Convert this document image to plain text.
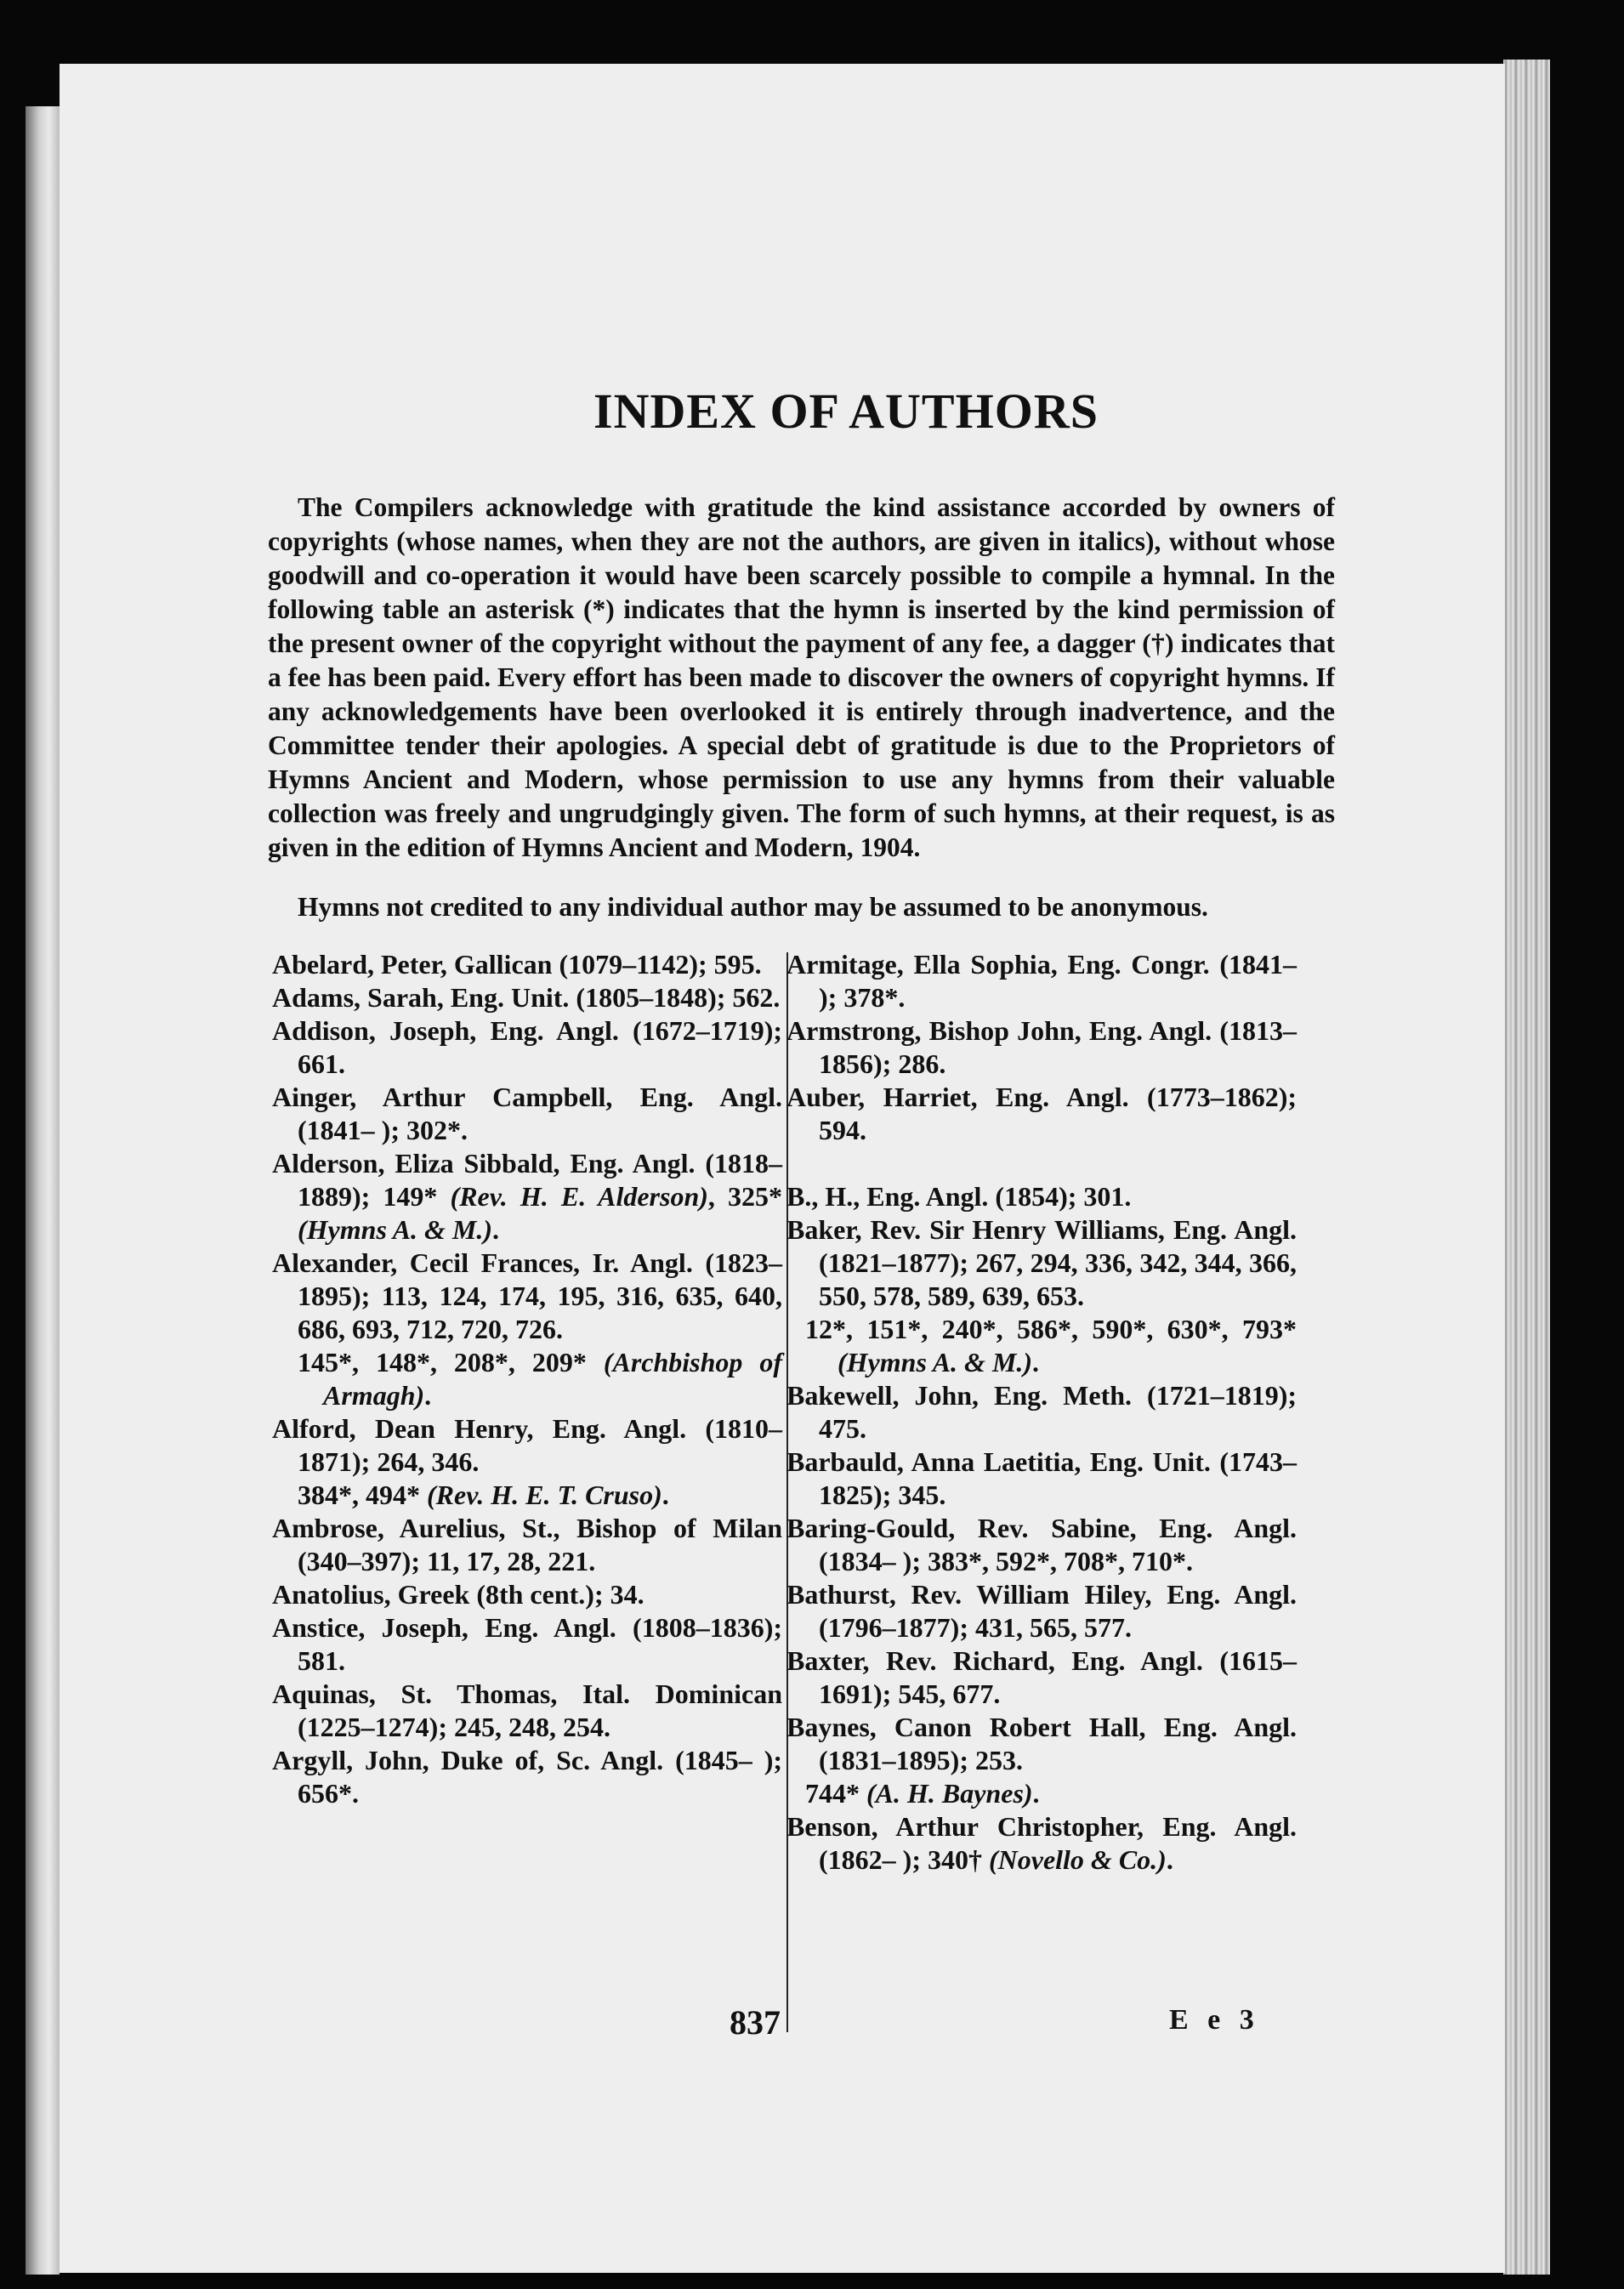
INDEX OF AUTHORS

The Compilers acknowledge with gratitude the kind assistance accorded by owners of copyrights (whose names, when they are not the authors, are given in italics), without whose goodwill and co-operation it would have been scarcely possible to compile a hymnal. In the following table an asterisk (*) indicates that the hymn is inserted by the kind permission of the present owner of the copyright without the payment of any fee, a dagger (†) indicates that a fee has been paid. Every effort has been made to discover the owners of copyright hymns. If any acknowledgements have been overlooked it is entirely through inadvertence, and the Committee tender their apologies. A special debt of gratitude is due to the Proprietors of Hymns Ancient and Modern, whose permission to use any hymns from their valuable collection was freely and ungrudgingly given. The form of such hymns, at their request, is as given in the edition of Hymns Ancient and Modern, 1904.

Hymns not credited to any individual author may be assumed to be anonymous.

Abelard, Peter, Gallican (1079–1142); 595.
Adams, Sarah, Eng. Unit. (1805–1848); 562.
Addison, Joseph, Eng. Angl. (1672–1719); 661.
Ainger, Arthur Campbell, Eng. Angl. (1841– ); 302*.
Alderson, Eliza Sibbald, Eng. Angl. (1818–1889); 149* (Rev. H. E. Alderson), 325* (Hymns A. & M.).
Alexander, Cecil Frances, Ir. Angl. (1823–1895); 113, 124, 174, 195, 316, 635, 640, 686, 693, 712, 720, 726.
145*, 148*, 208*, 209* (Archbishop of Armagh).
Alford, Dean Henry, Eng. Angl. (1810–1871); 264, 346.
384*, 494* (Rev. H. E. T. Cruso).
Ambrose, Aurelius, St., Bishop of Milan (340–397); 11, 17, 28, 221.
Anatolius, Greek (8th cent.); 34.
Anstice, Joseph, Eng. Angl. (1808–1836); 581.
Aquinas, St. Thomas, Ital. Dominican (1225–1274); 245, 248, 254.
Argyll, John, Duke of, Sc. Angl. (1845– ); 656*.
Armitage, Ella Sophia, Eng. Congr. (1841– ); 378*.
Armstrong, Bishop John, Eng. Angl. (1813–1856); 286.
Auber, Harriet, Eng. Angl. (1773–1862); 594.
B., H., Eng. Angl. (1854); 301.
Baker, Rev. Sir Henry Williams, Eng. Angl. (1821–1877); 267, 294, 336, 342, 344, 366, 550, 578, 589, 639, 653.
12*, 151*, 240*, 586*, 590*, 630*, 793* (Hymns A. & M.).
Bakewell, John, Eng. Meth. (1721–1819); 475.
Barbauld, Anna Laetitia, Eng. Unit. (1743–1825); 345.
Baring-Gould, Rev. Sabine, Eng. Angl. (1834– ); 383*, 592*, 708*, 710*.
Bathurst, Rev. William Hiley, Eng. Angl. (1796–1877); 431, 565, 577.
Baxter, Rev. Richard, Eng. Angl. (1615–1691); 545, 677.
Baynes, Canon Robert Hall, Eng. Angl. (1831–1895); 253.
744* (A. H. Baynes).
Benson, Arthur Christopher, Eng. Angl. (1862– ); 340† (Novello & Co.).
837	E e 3
